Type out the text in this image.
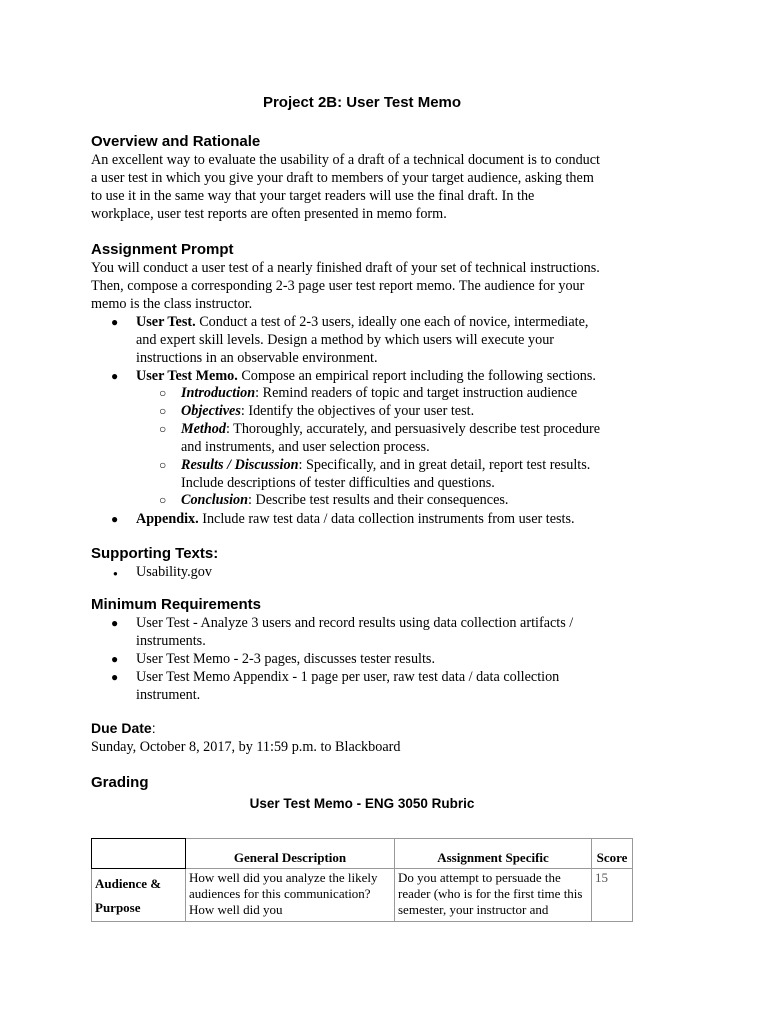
Project 2B: User Test Memo
Overview and Rationale
An excellent way to evaluate the usability of a draft of a technical document is to conduct
a user test in which you give your draft to members of your target audience, asking them
to use it in the same way that your target readers will use the final draft. In the
workplace, user test reports are often presented in memo form.
Assignment Prompt
You will conduct a user test of a nearly finished draft of your set of technical instructions.
Then, compose a corresponding 2-3 page user test report memo. The audience for your
memo is the class instructor.
● User Test. Conduct a test of 2-3 users, ideally one each of novice, intermediate,
and expert skill levels. Design a method by which users will execute your
instructions in an observable environment.
● User Test Memo. Compose an empirical report including the following sections.
○ Introduction: Remind readers of topic and target instruction audience
○ Objectives: Identify the objectives of your user test.
○ Method: Thoroughly, accurately, and persuasively describe test procedure
and instruments, and user selection process.
○ Results / Discussion: Specifically, and in great detail, report test results.
Include descriptions of tester difficulties and questions.
○ Conclusion: Describe test results and their consequences.
● Appendix. Include raw test data / data collection instruments from user tests.
Supporting Texts:
● Usability.gov
Minimum Requirements
● User Test - Analyze 3 users and record results using data collection artifacts /
instruments.
● User Test Memo - 2-3 pages, discusses tester results.
● User Test Memo Appendix - 1 page per user, raw test data / data collection
instrument.
Due Date:
Sunday, October 8, 2017, by 11:59 p.m. to Blackboard
Grading
User Test Memo - ENG 3050 Rubric
	General Description	Assignment Specific	Score

Audience &
Purpose	How well did you analyze the likely audiences for this communication? How well did you	Do you attempt to persuade the reader (who is for the first time this semester, your instructor and	15
